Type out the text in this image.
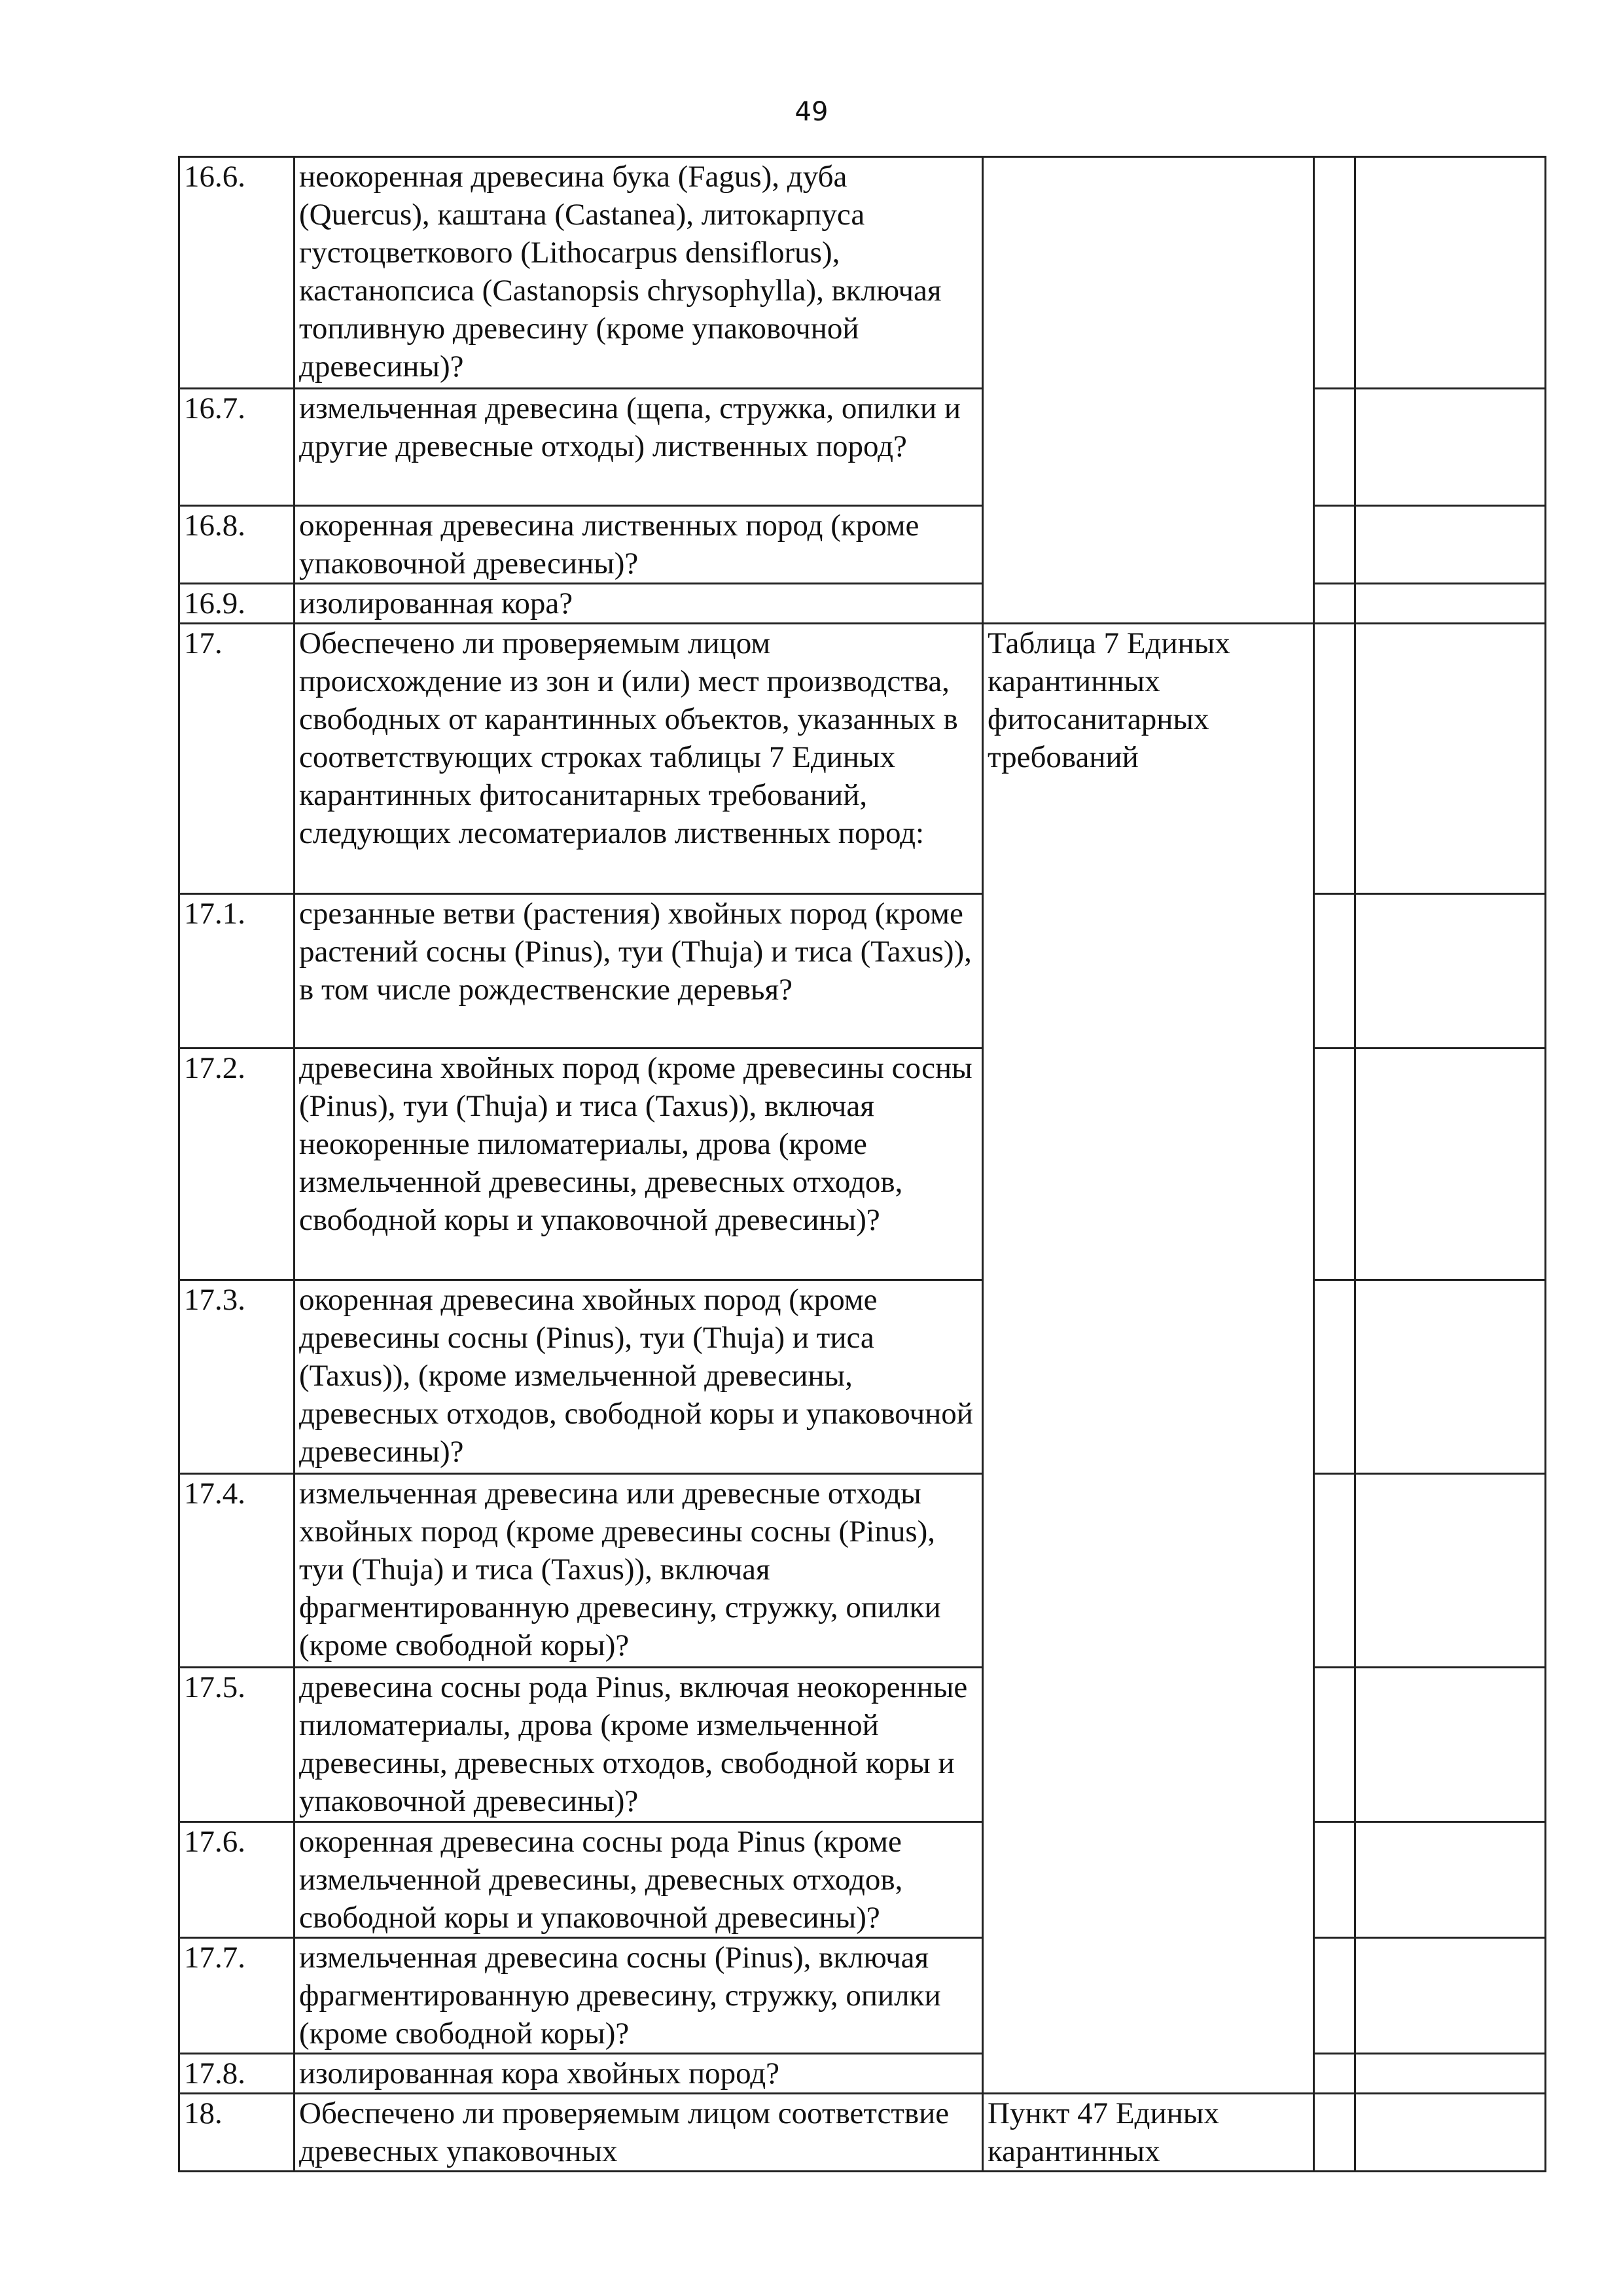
49
16.6.	неокоренная древесина бука (Fagus), дуба (Quercus), каштана (Castanea), литокарпуса густоцветкового (Lithocarpus densiflorus), кастанопсиса (Castanopsis chrysophylla), включая топливную древесину (кроме упаковочной древесины)?			
16.7.	измельченная древесина (щепа, стружка, опилки и другие древесные отходы) лиственных пород?			
16.8.	окоренная древесина лиственных пород (кроме упаковочной древесины)?			
16.9.	изолированная кора?			
17.	Обеспечено ли проверяемым лицом происхождение из зон и (или) мест производства, свободных от карантинных объектов, указанных в соответствующих строках таблицы 7 Единых карантинных фитосанитарных требований, следующих лесоматериалов лиственных пород:	Таблица 7 Единых карантинных фитосанитарных требований		
17.1.	срезанные ветви (растения) хвойных пород (кроме растений сосны (Pinus), туи (Thuja) и тиса (Taxus)), в том числе рождественские деревья?			
17.2.	древесина хвойных пород (кроме древесины сосны (Pinus), туи (Thuja) и тиса (Taxus)), включая неокоренные пиломатериалы, дрова (кроме измельченной древесины, древесных отходов, свободной коры и упаковочной древесины)?			
17.3.	окоренная древесина хвойных пород (кроме древесины сосны (Pinus), туи (Thuja) и тиса (Taxus)), (кроме измельченной древесины, древесных отходов, свободной коры и упаковочной древесины)?			
17.4.	измельченная древесина или древесные отходы хвойных пород (кроме древесины сосны (Pinus), туи (Thuja) и тиса (Taxus)), включая фрагментированную древесину, стружку, опилки (кроме свободной коры)?			
17.5.	древесина сосны рода Pinus, включая неокоренные пиломатериалы, дрова (кроме измельченной древесины, древесных отходов, свободной коры и упаковочной древесины)?			
17.6.	окоренная древесина сосны рода Pinus (кроме измельченной древесины, древесных отходов, свободной коры и упаковочной древесины)?			
17.7.	измельченная древесина сосны (Pinus), включая фрагментированную древесину, стружку, опилки (кроме свободной коры)?			
17.8.	изолированная кора хвойных пород?			
18.	Обеспечено ли проверяемым лицом соответствие древесных упаковочных	Пункт 47 Единых карантинных		
